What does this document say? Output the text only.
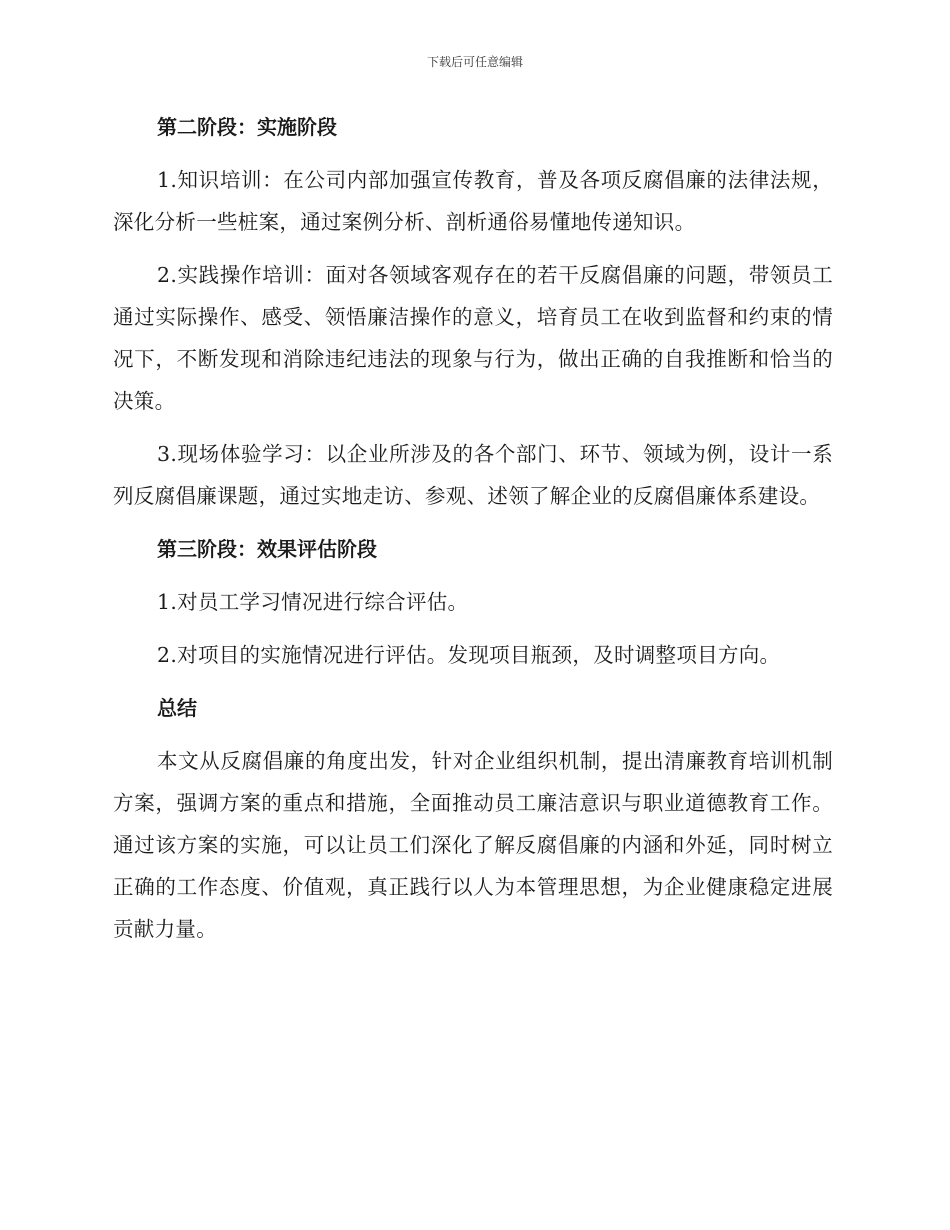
下载后可任意编辑
第二阶段：实施阶段

1.知识培训：在公司内部加强宣传教育，普及各项反腐倡廉的法律法规，深化分析一些桩案，通过案例分析、剖析通俗易懂地传递知识。

2.实践操作培训：面对各领域客观存在的若干反腐倡廉的问题，带领员工通过实际操作、感受、领悟廉洁操作的意义，培育员工在收到监督和约束的情况下，不断发现和消除违纪违法的现象与行为，做出正确的自我推断和恰当的决策。

3.现场体验学习：以企业所涉及的各个部门、环节、领域为例，设计一系列反腐倡廉课题，通过实地走访、参观、述领了解企业的反腐倡廉体系建设。

第三阶段：效果评估阶段

1.对员工学习情况进行综合评估。

2.对项目的实施情况进行评估。发现项目瓶颈，及时调整项目方向。

总结

本文从反腐倡廉的角度出发，针对企业组织机制，提出清廉教育培训机制方案，强调方案的重点和措施，全面推动员工廉洁意识与职业道德教育工作。通过该方案的实施，可以让员工们深化了解反腐倡廉的内涵和外延，同时树立正确的工作态度、价值观，真正践行以人为本管理思想，为企业健康稳定进展贡献力量。
